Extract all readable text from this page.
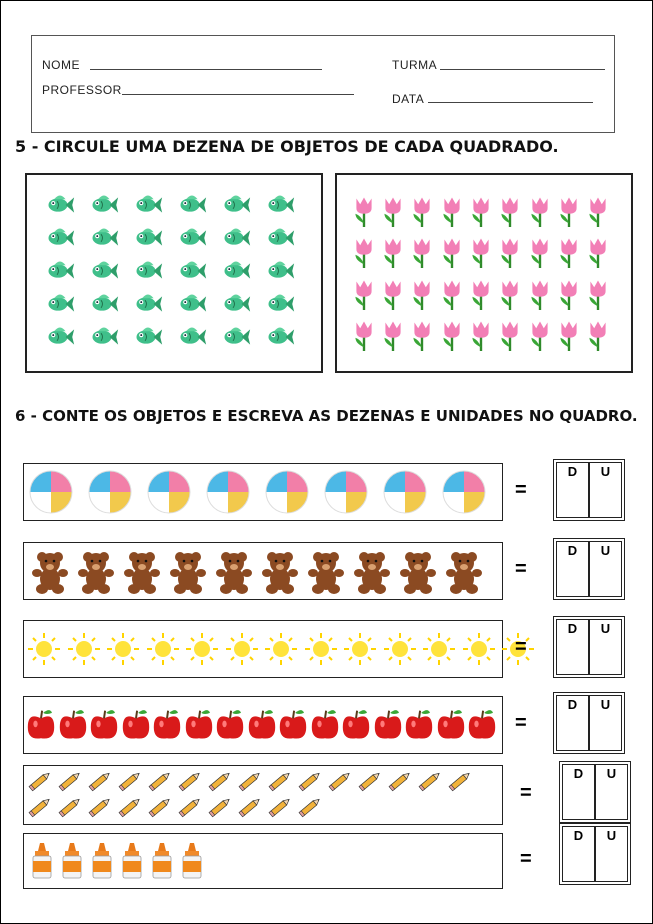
NOME
PROFESSOR
TURMA
DATA
5 - CIRCULE UMA DEZENA DE OBJETOS DE CADA QUADRADO.
6 - CONTE OS OBJETOS E ESCREVA AS DEZENAS E UNIDADES NO QUADRO.
=
D	U
=
D	U
=
D	U
=
D	U
=
D	U
=
D	U
